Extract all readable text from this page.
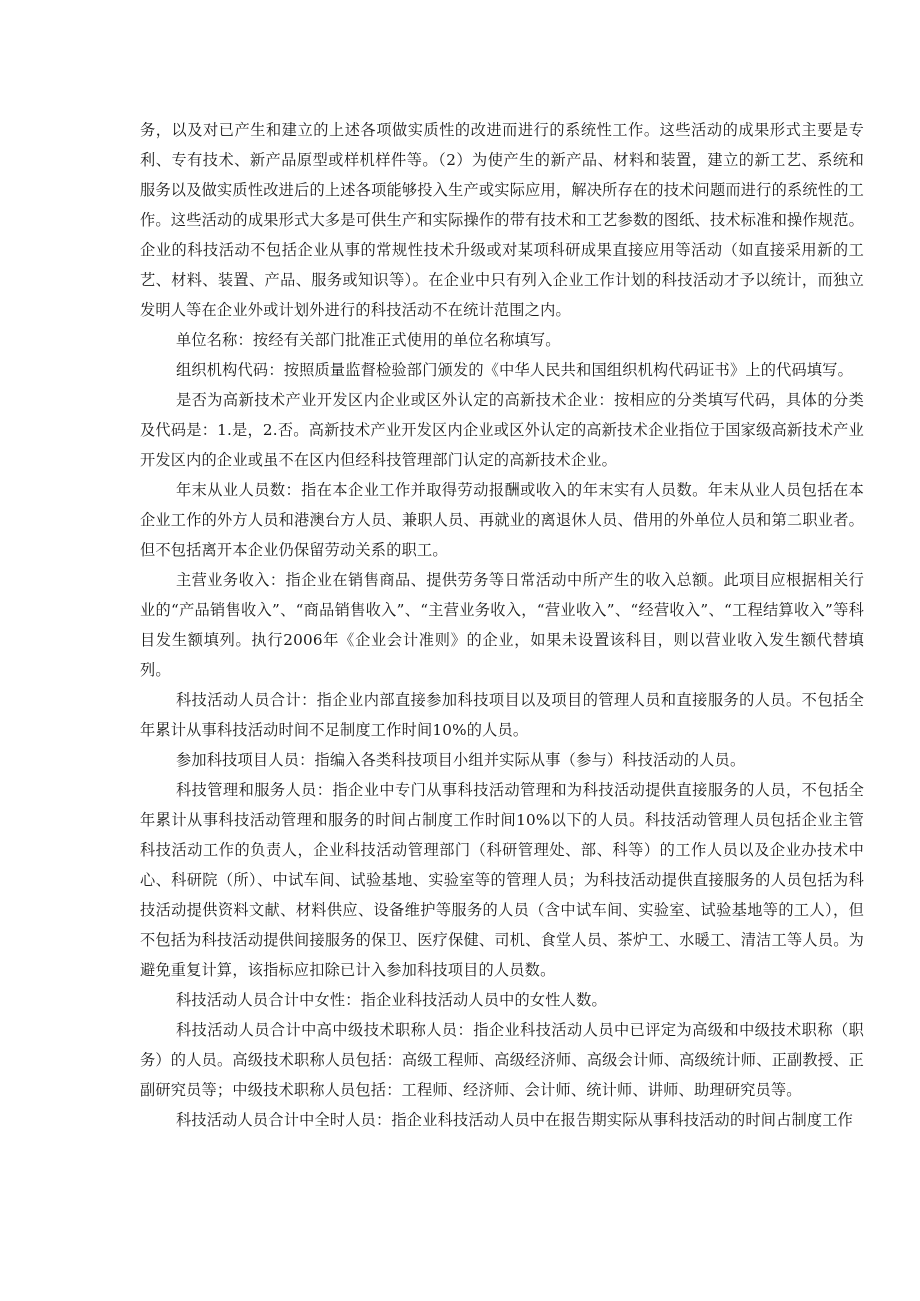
务，以及对已产生和建立的上述各项做实质性的改进而进行的系统性工作。这些活动的成果形式主要是专利、专有技术、新产品原型或样机样件等。（2）为使产生的新产品、材料和装置，建立的新工艺、系统和服务以及做实质性改进后的上述各项能够投入生产或实际应用，解决所存在的技术问题而进行的系统性的工作。这些活动的成果形式大多是可供生产和实际操作的带有技术和工艺参数的图纸、技术标准和操作规范。企业的科技活动不包括企业从事的常规性技术升级或对某项科研成果直接应用等活动（如直接采用新的工艺、材料、装置、产品、服务或知识等）。在企业中只有列入企业工作计划的科技活动才予以统计，而独立发明人等在企业外或计划外进行的科技活动不在统计范围之内。

单位名称：按经有关部门批准正式使用的单位名称填写。

组织机构代码：按照质量监督检验部门颁发的《中华人民共和国组织机构代码证书》上的代码填写。

是否为高新技术产业开发区内企业或区外认定的高新技术企业：按相应的分类填写代码，具体的分类及代码是：1.是，2.否。高新技术产业开发区内企业或区外认定的高新技术企业指位于国家级高新技术产业开发区内的企业或虽不在区内但经科技管理部门认定的高新技术企业。

年末从业人员数：指在本企业工作并取得劳动报酬或收入的年末实有人员数。年末从业人员包括在本企业工作的外方人员和港澳台方人员、兼职人员、再就业的离退休人员、借用的外单位人员和第二职业者。但不包括离开本企业仍保留劳动关系的职工。

主营业务收入：指企业在销售商品、提供劳务等日常活动中所产生的收入总额。此项目应根据相关行业的“产品销售收入”、“商品销售收入”、“主营业务收入，“营业收入”、“经营收入”、“工程结算收入”等科目发生额填列。执行2006年《企业会计准则》的企业，如果未设置该科目，则以营业收入发生额代替填列。

科技活动人员合计：指企业内部直接参加科技项目以及项目的管理人员和直接服务的人员。不包括全年累计从事科技活动时间不足制度工作时间10%的人员。

参加科技项目人员：指编入各类科技项目小组并实际从事（参与）科技活动的人员。

科技管理和服务人员：指企业中专门从事科技活动管理和为科技活动提供直接服务的人员，不包括全年累计从事科技活动管理和服务的时间占制度工作时间10%以下的人员。科技活动管理人员包括企业主管科技活动工作的负责人，企业科技活动管理部门（科研管理处、部、科等）的工作人员以及企业办技术中心、科研院（所）、中试车间、试验基地、实验室等的管理人员；为科技活动提供直接服务的人员包括为科技活动提供资料文献、材料供应、设备维护等服务的人员（含中试车间、实验室、试验基地等的工人），但不包括为科技活动提供间接服务的保卫、医疗保健、司机、食堂人员、茶炉工、水暖工、清洁工等人员。为避免重复计算，该指标应扣除已计入参加科技项目的人员数。

科技活动人员合计中女性：指企业科技活动人员中的女性人数。

科技活动人员合计中高中级技术职称人员：指企业科技活动人员中已评定为高级和中级技术职称（职务）的人员。高级技术职称人员包括：高级工程师、高级经济师、高级会计师、高级统计师、正副教授、正副研究员等；中级技术职称人员包括：工程师、经济师、会计师、统计师、讲师、助理研究员等。

科技活动人员合计中全时人员：指企业科技活动人员中在报告期实际从事科技活动的时间占制度工作
